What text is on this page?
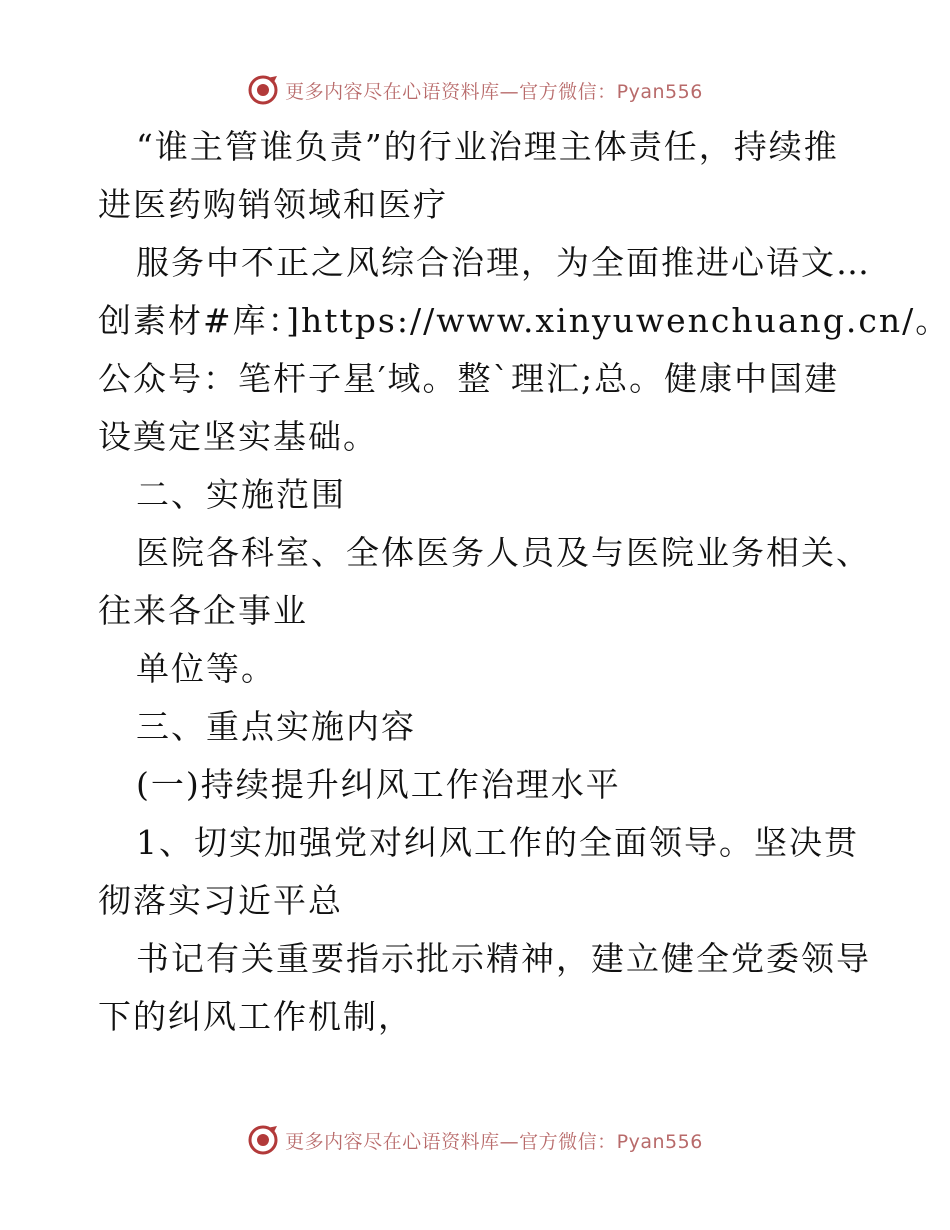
更多内容尽在心语资料库—官方微信：Pyan556
“谁主管谁负责”的行业治理主体责任，持续推
进医药购销领域和医疗
服务中不正之风综合治理，为全面推进心语文…
创素材#库：]https://www.xinyuwenchuang.cn/。
公众号：笔杆子星′域。整`理汇;总。健康中国建
设奠定坚实基础。
二、实施范围
医院各科室、全体医务人员及与医院业务相关、
往来各企事业
单位等。
三、重点实施内容
(一)持续提升纠风工作治理水平
1、切实加强党对纠风工作的全面领导。坚决贯
彻落实习近平总
书记有关重要指示批示精神，建立健全党委领导
下的纠风工作机制，
更多内容尽在心语资料库—官方微信：Pyan556
